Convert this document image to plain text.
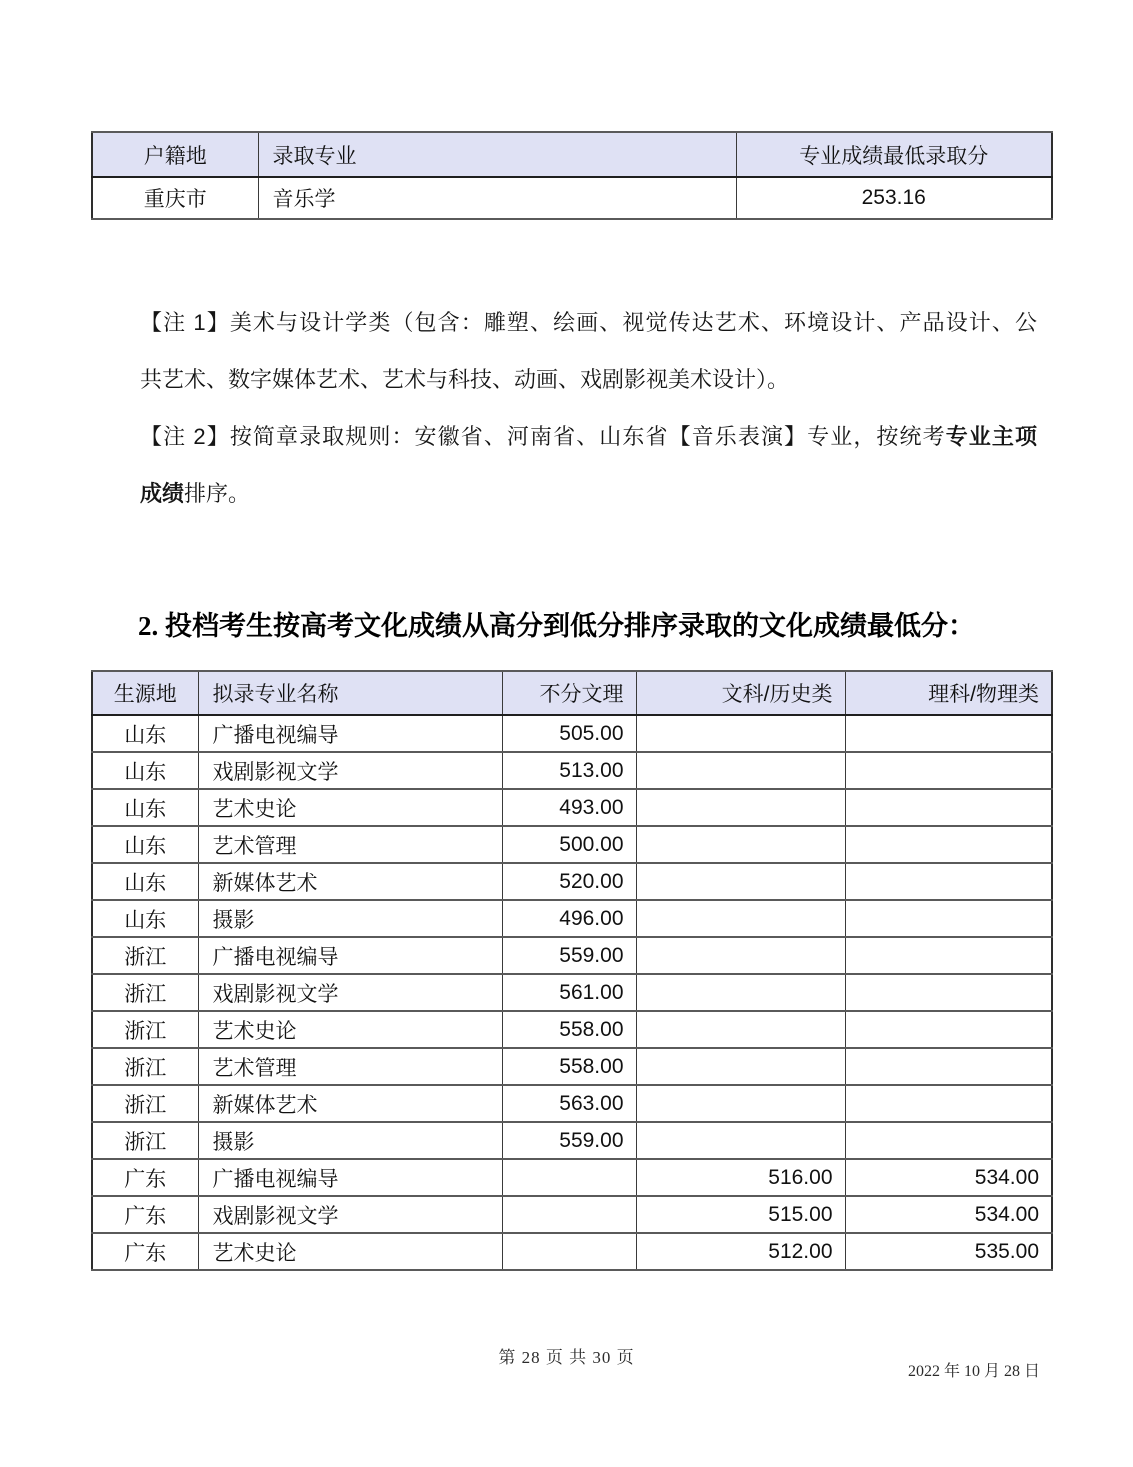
户籍地	录取专业	专业成绩最低录取分
重庆市	音乐学	253.16
【注 1】美术与设计学类（包含：雕塑、绘画、视觉传达艺术、环境设计、产品设计、公
共艺术、数字媒体艺术、艺术与科技、动画、戏剧影视美术设计）。
【注 2】按简章录取规则：安徽省、河南省、山东省【音乐表演】专业，按统考专业主项
成绩排序。
2. 投档考生按高考文化成绩从高分到低分排序录取的文化成绩最低分：
生源地	拟录专业名称	不分文理	文科/历史类	理科/物理类
山东	广播电视编导	505.00		
山东	戏剧影视文学	513.00		
山东	艺术史论	493.00		
山东	艺术管理	500.00		
山东	新媒体艺术	520.00		
山东	摄影	496.00		
浙江	广播电视编导	559.00		
浙江	戏剧影视文学	561.00		
浙江	艺术史论	558.00		
浙江	艺术管理	558.00		
浙江	新媒体艺术	563.00		
浙江	摄影	559.00		
广东	广播电视编导		516.00	534.00
广东	戏剧影视文学		515.00	534.00
广东	艺术史论		512.00	535.00
第 28 页 共 30 页
2022 年 10 月 28 日
